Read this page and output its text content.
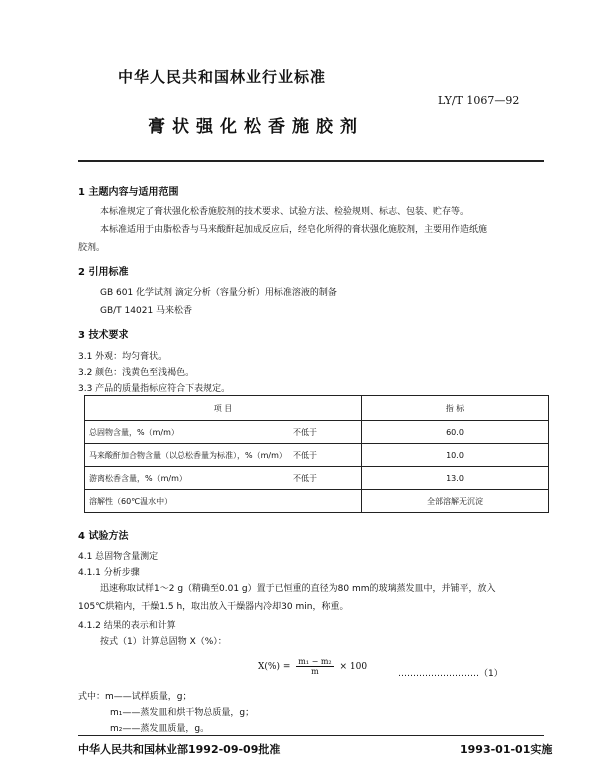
中华人民共和国林业行业标准
LY/T 1067—92
膏状强化松香施胶剂
1 主题内容与适用范围
本标准规定了膏状强化松香施胶剂的技术要求、试验方法、检验规则、标志、包装、贮存等。
本标准适用于由脂松香与马来酸酐起加成反应后，经皂化所得的膏状强化施胶剂，主要用作造纸施
胶剂。
2 引用标准
GB 601 化学试剂 滴定分析（容量分析）用标准溶液的制备
GB/T 14021 马来松香
3 技术要求
3.1 外观：均匀膏状。
3.2 颜色：浅黄色至浅褐色。
3.3 产品的质量指标应符合下表规定。
项 目	指 标
总固物含量，%（m/m） 不低于	60.0
马来酸酐加合物含量（以总松香量为标准），%（m/m） 不低于	10.0
游离松香含量，%（m/m） 不低于	13.0
溶解性（60℃温水中）	全部溶解无沉淀
4 试验方法
4.1 总固物含量测定
4.1.1 分析步骤
迅速称取试样1～2 g（精确至0.01 g）置于已恒重的直径为80 mm的玻璃蒸发皿中，并铺平，放入
105℃烘箱内，干燥1.5 h，取出放入干燥器内冷却30 min，称重。
4.1.2 结果的表示和计算
按式（1）计算总固物 X（%）：
$X(\%) = \frac{\text{m₁ − m₂}}{m} \times 100$
………………………（1）
式中：m——试样质量，g；
m₁——蒸发皿和烘干物总质量，g；
m₂——蒸发皿质量，g。
中华人民共和国林业部1992-09-09批准	1993-01-01实施
